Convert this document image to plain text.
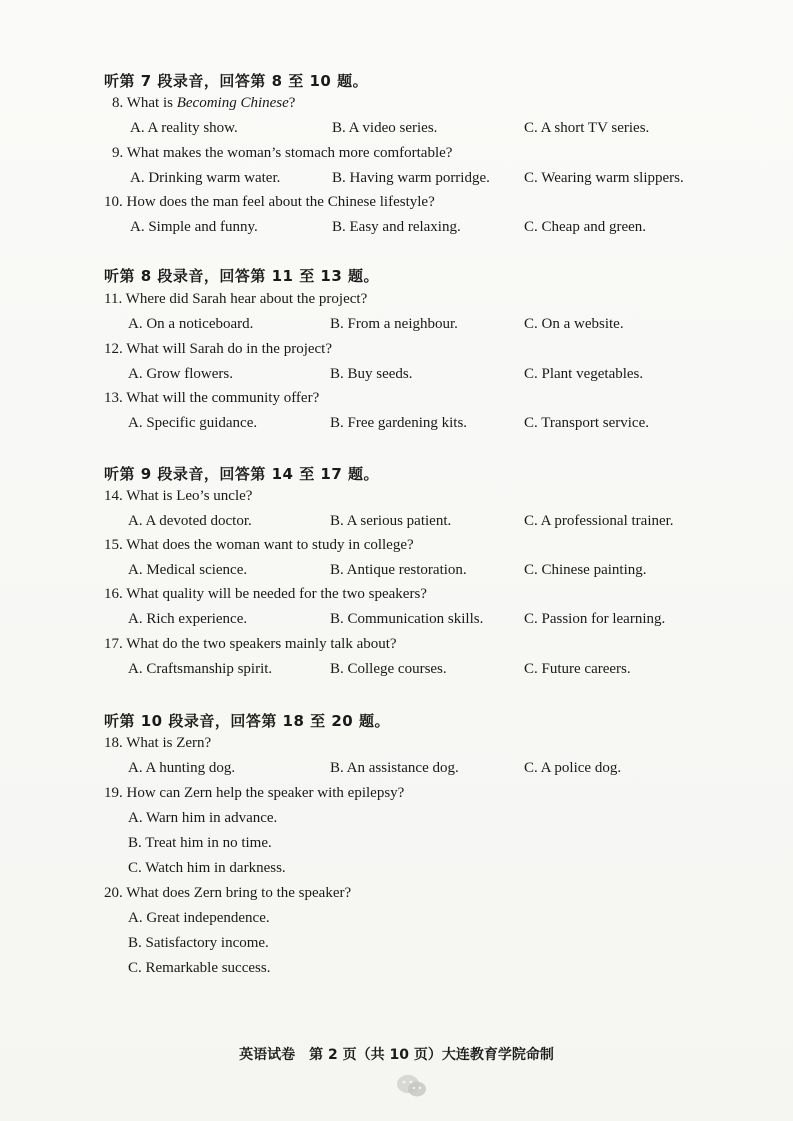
听第 7 段录音，回答第 8 至 10 题。
8. What is Becoming Chinese?
A. A reality show.	B. A video series.	C. A short TV series.
9. What makes the woman’s stomach more comfortable?
A. Drinking warm water.	B. Having warm porridge. C. Wearing warm slippers.
10. How does the man feel about the Chinese lifestyle?
A. Simple and funny.	B. Easy and relaxing.	C. Cheap and green.
听第 8 段录音，回答第 11 至 13 题。
11. Where did Sarah hear about the project?
A. On a noticeboard.	B. From a neighbour.	C. On a website.
12. What will Sarah do in the project?
A. Grow flowers.	B. Buy seeds.	C. Plant vegetables.
13. What will the community offer?
A. Specific guidance.	B. Free gardening kits.	C. Transport service.
听第 9 段录音，回答第 14 至 17 题。
14. What is Leo’s uncle?
A. A devoted doctor.	B. A serious patient.	C. A professional trainer.
15. What does the woman want to study in college?
A. Medical science.	B. Antique restoration.	C. Chinese painting.
16. What quality will be needed for the two speakers?
A. Rich experience.	B. Communication skills.	C. Passion for learning.
17. What do the two speakers mainly talk about?
A. Craftsmanship spirit.	B. College courses.	C. Future careers.
听第 10 段录音，回答第 18 至 20 题。
18. What is Zern?
A. A hunting dog.	B. An assistance dog.	C. A police dog.
19. How can Zern help the speaker with epilepsy?
A. Warn him in advance.
B. Treat him in no time.
C. Watch him in darkness.
20. What does Zern bring to the speaker?
A. Great independence.
B. Satisfactory income.
C. Remarkable success.
英语试卷　第 2 页（共 10 页）大连教育学院命制
